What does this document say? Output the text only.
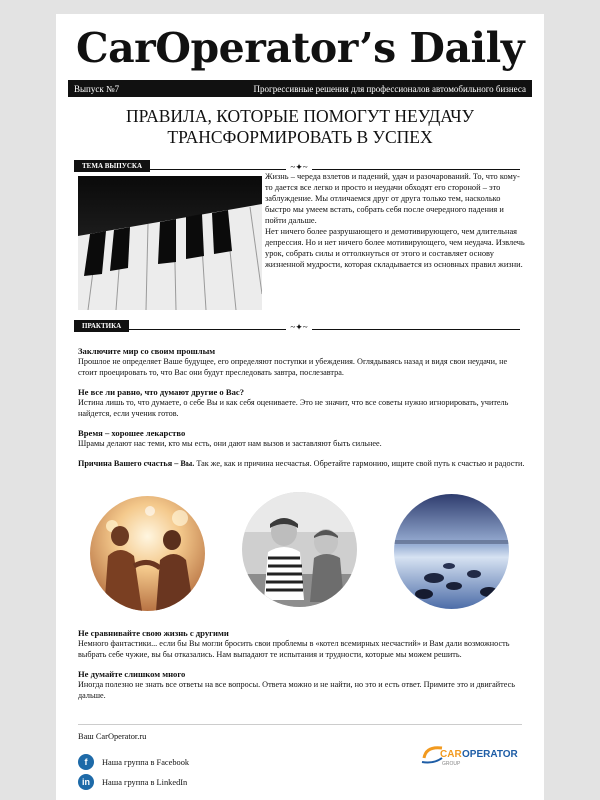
CarOperator’s Daily
Выпуск №7	Прогрессивные решения для профессионалов автомобильного бизнеса
ПРАВИЛА, КОТОРЫЕ ПОМОГУТ НЕУДАЧУ
ТРАНСФОРМИРОВАТЬ В УСПЕХ
ТЕМА ВЫПУСКА	~✦~

Жизнь – череда взлетов и падений, удач и разочарований. То, что кому-то дается все легко и просто и неудачи обходят его стороной – это заблуждение. Мы отличаемся друг от друга только тем, насколько быстро мы умеем встать, собрать себя после очередного падения и пойти дальше.

Нет ничего более разрушающего и демотивирующего, чем длительная депрессия. Но и нет ничего более мотивирующего, чем неудача. Извлечь урок, собрать силы и оттолкнуться от этого и составляет основу жизненной мудрости, которая складывается из основных правил жизни.

ПРАКТИКА	~✦~
Заключите мир со своим прошлым

Прошлое не определяет Ваше будущее, его определяют поступки и убеждения. Оглядываясь назад и видя свои неудачи, не стоит проецировать то, что Вас они будут преследовать завтра, послезавтра.

Не все ли равно, что думают другие о Вас?

Истина лишь то, что думаете, о себе Вы и как себя оцениваете. Это не значит, что все советы нужно игнорировать, учитель найдется, если ученик готов.

Время – хорошее лекарство

Шрамы делают нас теми, кто мы есть, они дают нам вызов и заставляют быть сильнее.

Причина Вашего счастья – Вы. Так же, как и причина несчастья. Обретайте гармонию, ищите свой путь к счастью и радости.

Не сравнивайте свою жизнь с другими

Немного фантастики... если бы Вы могли бросить свои проблемы в «котел всемирных несчастий» и Вам дали возможность выбрать себе чужие, вы бы отказались. Нам выпадают те испытания и трудности, которые мы можем решить.

Не думайте слишком много

Иногда полезно не знать все ответы на все вопросы. Ответа можно и не найти, но это и есть ответ. Примите это и двигайтесь дальше.

Ваш CarOperator.ru
f	Наша группа в Facebook
in	Наша группа в LinkedIn
CAR OPERATOR
GROUP
